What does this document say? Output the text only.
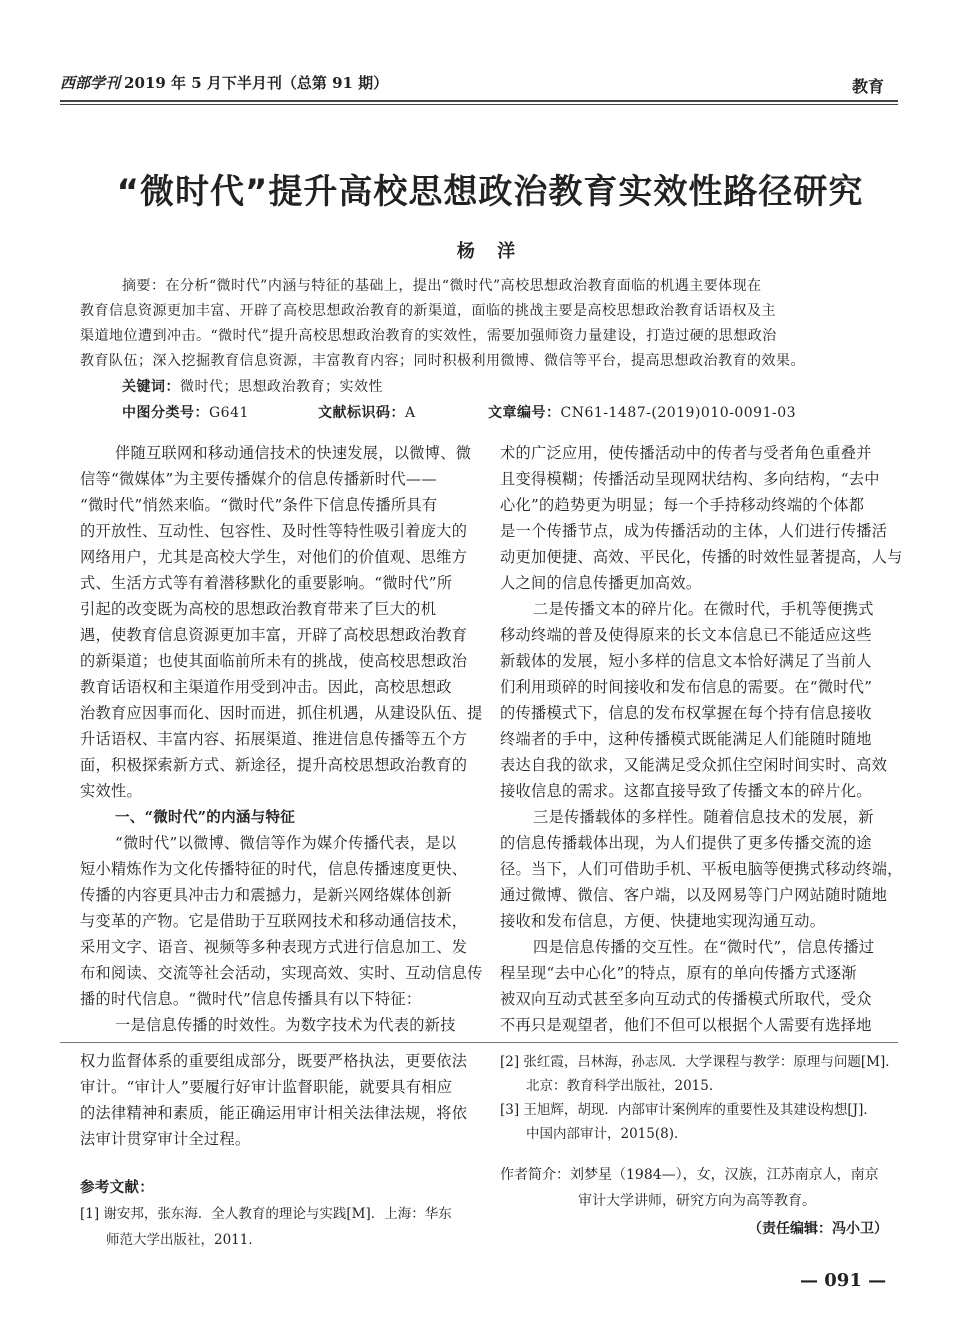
西部学刊 2019 年 5 月下半月刊（总第 91 期）	教育
“微时代”提升高校思想政治教育实效性路径研究
杨 洋
摘要：在分析“微时代”内涵与特征的基础上，提出“微时代”高校思想政治教育面临的机遇主要体现在
教育信息资源更加丰富、开辟了高校思想政治教育的新渠道，面临的挑战主要是高校思想政治教育话语权及主
渠道地位遭到冲击。“微时代”提升高校思想政治教育的实效性，需要加强师资力量建设，打造过硬的思想政治
教育队伍；深入挖掘教育信息资源，丰富教育内容；同时积极利用微博、微信等平台，提高思想政治教育的效果。
关键词：微时代；思想政治教育；实效性
中图分类号：G641	文献标识码：A	文章编号：CN61-1487-(2019)010-0091-03
伴随互联网和移动通信技术的快速发展，以微博、微
信等“微媒体”为主要传播媒介的信息传播新时代——
“微时代”悄然来临。“微时代”条件下信息传播所具有
的开放性、互动性、包容性、及时性等特性吸引着庞大的
网络用户，尤其是高校大学生，对他们的价值观、思维方
式、生活方式等有着潜移默化的重要影响。“微时代”所
引起的改变既为高校的思想政治教育带来了巨大的机
遇，使教育信息资源更加丰富，开辟了高校思想政治教育
的新渠道；也使其面临前所未有的挑战，使高校思想政治
教育话语权和主渠道作用受到冲击。因此，高校思想政
治教育应因事而化、因时而进，抓住机遇，从建设队伍、提
升话语权、丰富内容、拓展渠道、推进信息传播等五个方
面，积极探索新方式、新途径，提升高校思想政治教育的
实效性。
一、“微时代”的内涵与特征
“微时代”以微博、微信等作为媒介传播代表，是以
短小精炼作为文化传播特征的时代，信息传播速度更快、
传播的内容更具冲击力和震撼力，是新兴网络媒体创新
与变革的产物。它是借助于互联网技术和移动通信技术，
采用文字、语音、视频等多种表现方式进行信息加工、发
布和阅读、交流等社会活动，实现高效、实时、互动信息传
播的时代信息。“微时代”信息传播具有以下特征：
一是信息传播的时效性。为数字技术为代表的新技
术的广泛应用，使传播活动中的传者与受者角色重叠并
且变得模糊；传播活动呈现网状结构、多向结构，“去中
心化”的趋势更为明显；每一个手持移动终端的个体都
是一个传播节点，成为传播活动的主体，人们进行传播活
动更加便捷、高效、平民化，传播的时效性显著提高，人与
人之间的信息传播更加高效。
二是传播文本的碎片化。在微时代，手机等便携式
移动终端的普及使得原来的长文本信息已不能适应这些
新载体的发展，短小多样的信息文本恰好满足了当前人
们利用琐碎的时间接收和发布信息的需要。在“微时代”
的传播模式下，信息的发布权掌握在每个持有信息接收
终端者的手中，这种传播模式既能满足人们能随时随地
表达自我的欲求，又能满足受众抓住空闲时间实时、高效
接收信息的需求。这都直接导致了传播文本的碎片化。
三是传播载体的多样性。随着信息技术的发展，新
的信息传播载体出现，为人们提供了更多传播交流的途
径。当下，人们可借助手机、平板电脑等便携式移动终端，
通过微博、微信、客户端，以及网易等门户网站随时随地
接收和发布信息，方便、快捷地实现沟通互动。
四是信息传播的交互性。在“微时代”，信息传播过
程呈现“去中心化”的特点，原有的单向传播方式逐渐
被双向互动式甚至多向互动式的传播模式所取代，受众
不再只是观望者，他们不但可以根据个人需要有选择地
权力监督体系的重要组成部分，既要严格执法，更要依法
审计。“审计人”要履行好审计监督职能，就要具有相应
的法律精神和素质，能正确运用审计相关法律法规，将依
法审计贯穿审计全过程。
参考文献：
[1] 谢安邦，张东海．全人教育的理论与实践[M]．上海：华东
师范大学出版社，2011．
[2] 张红霞，吕林海，孙志凤．大学课程与教学：原理与问题[M]．
北京：教育科学出版社，2015．
[3] 王旭辉，胡现．内部审计案例库的重要性及其建设构想[J]．
中国内部审计，2015(8)．
作者简介：刘梦星（1984—），女，汉族，江苏南京人，南京
审计大学讲师，研究方向为高等教育。
（责任编辑：冯小卫）
— 091 —
